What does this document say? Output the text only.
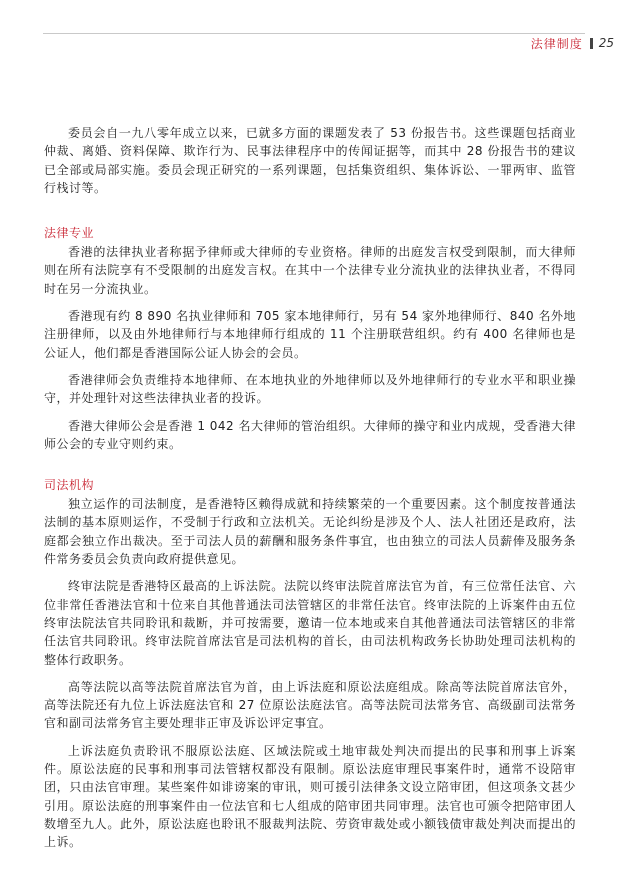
法律制度 25

委员会自一九八零年成立以来，已就多方面的课题发表了 53 份报告书。这些课题包括商业仲裁、离婚、资料保障、欺诈行为、民事法律程序中的传闻证据等，而其中 28 份报告书的建议已全部或局部实施。委员会现正研究的一系列课题，包括集资组织、集体诉讼、一罪两审、监管行栈讨等。

法律专业

香港的法律执业者称据予律师或大律师的专业资格。律师的出庭发言权受到限制，而大律师则在所有法院享有不受限制的出庭发言权。在其中一个法律专业分流执业的法律执业者，不得同时在另一分流执业。

香港现有约 8 890 名执业律师和 705 家本地律师行，另有 54 家外地律师行、840 名外地注册律师，以及由外地律师行与本地律师行组成的 11 个注册联营组织。约有 400 名律师也是公证人，他们都是香港国际公证人协会的会员。

香港律师会负责维持本地律师、在本地执业的外地律师以及外地律师行的专业水平和职业操守，并处理针对这些法律执业者的投诉。

香港大律师公会是香港 1 042 名大律师的管治组织。大律师的操守和业内成规，受香港大律师公会的专业守则约束。

司法机构

独立运作的司法制度，是香港特区赖得成就和持续繁荣的一个重要因素。这个制度按普通法法制的基本原则运作，不受制于行政和立法机关。无论纠纷是涉及个人、法人社团还是政府，法庭都会独立作出裁决。至于司法人员的薪酬和服务条件事宜，也由独立的司法人员薪俸及服务条件常务委员会负责向政府提供意见。

终审法院是香港特区最高的上诉法院。法院以终审法院首席法官为首，有三位常任法官、六位非常任香港法官和十位来自其他普通法司法管辖区的非常任法官。终审法院的上诉案件由五位终审法院法官共同聆讯和裁断，并可按需要，邀请一位本地或来自其他普通法司法管辖区的非常任法官共同聆讯。终审法院首席法官是司法机构的首长，由司法机构政务长协助处理司法机构的整体行政职务。

高等法院以高等法院首席法官为首，由上诉法庭和原讼法庭组成。除高等法院首席法官外，高等法院还有九位上诉法庭法官和 27 位原讼法庭法官。高等法院司法常务官、高级副司法常务官和副司法常务官主要处理非正审及诉讼评定事宜。

上诉法庭负责聆讯不服原讼法庭、区域法院或土地审裁处判决而提出的民事和刑事上诉案件。原讼法庭的民事和刑事司法管辖权都没有限制。原讼法庭审理民事案件时，通常不设陪审团，只由法官审理。某些案件如诽谤案的审讯，则可援引法律条文设立陪审团，但这项条文甚少引用。原讼法庭的刑事案件由一位法官和七人组成的陪审团共同审理。法官也可颁令把陪审团人数增至九人。此外，原讼法庭也聆讯不服裁判法院、劳资审裁处或小额钱债审裁处判决而提出的上诉。
